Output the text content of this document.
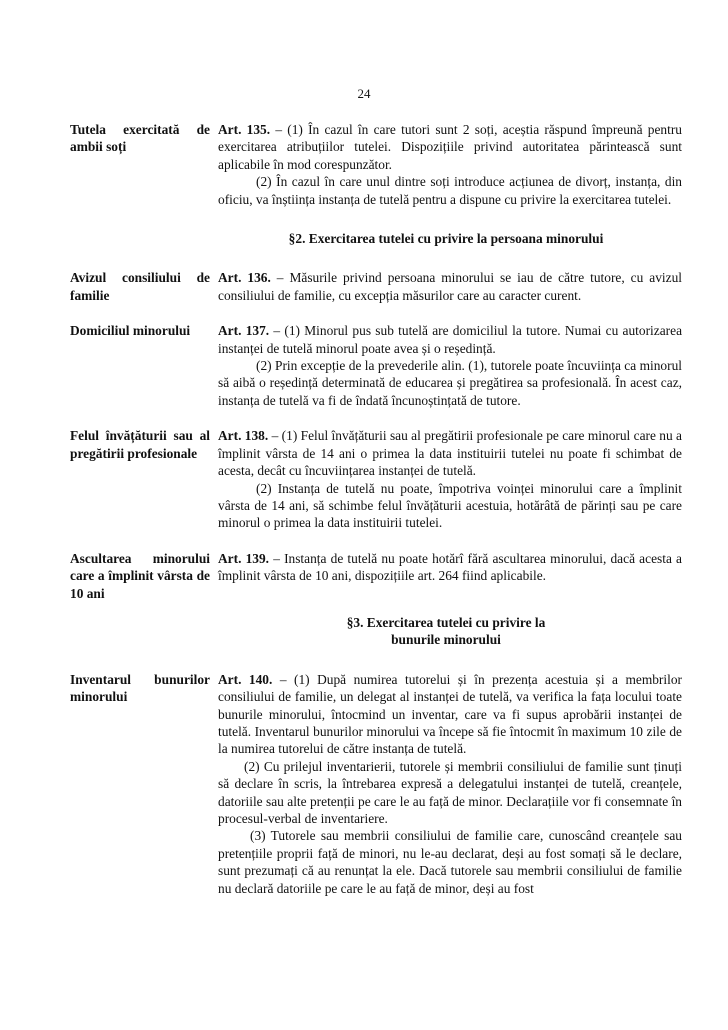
24
Tutela exercitată de ambii soți

Art. 135. – (1) În cazul în care tutori sunt 2 soți, aceștia răspund împreună pentru exercitarea atribuțiilor tutelei. Dispozițiile privind autoritatea părintească sunt aplicabile în mod corespunzător.

(2) În cazul în care unul dintre soți introduce acțiunea de divorț, instanța, din oficiu, va înștiința instanța de tutelă pentru a dispune cu privire la exercitarea tutelei.

§2. Exercitarea tutelei cu privire la persoana minorului
Avizul consiliului de familie

Art. 136. – Măsurile privind persoana minorului se iau de către tutore, cu avizul consiliului de familie, cu excepția măsurilor care au caracter curent.

Domiciliul minorului	Art. 137. – (1) Minorul pus sub tutelă are domiciliul la tutore. Numai cu autorizarea instanței de tutelă minorul poate avea și o reședință.

(2) Prin excepție de la prevederile alin. (1), tutorele poate încuviința ca minorul să aibă o reședință determinată de educarea și pregătirea sa profesională. În acest caz, instanța de tutelă va fi de îndată încunoștințată de tutore.

Felul învățăturii sau al pregătirii profesionale

Art. 138. – (1) Felul învățăturii sau al pregătirii profesionale pe care minorul care nu a împlinit vârsta de 14 ani o primea la data instituirii tutelei nu poate fi schimbat de acesta, decât cu încuviințarea instanței de tutelă.

(2) Instanța de tutelă nu poate, împotriva voinței minorului care a împlinit vârsta de 14 ani, să schimbe felul învățăturii acestuia, hotărâtă de părinți sau pe care minorul o primea la data instituirii tutelei.

Ascultarea minorului care a împlinit vârsta de 10 ani

Art. 139. – Instanța de tutelă nu poate hotărî fără ascultarea minorului, dacă acesta a împlinit vârsta de 10 ani, dispozițiile art. 264 fiind aplicabile.

§3. Exercitarea tutelei cu privire la
bunurile minorului
Inventarul bunurilor minorului

Art. 140. – (1) După numirea tutorelui și în prezența acestuia și a membrilor consiliului de familie, un delegat al instanței de tutelă, va verifica la fața locului toate bunurile minorului, întocmind un inventar, care va fi supus aprobării instanței de tutelă. Inventarul bunurilor minorului va începe să fie întocmit în maximum 10 zile de la numirea tutorelui de către instanța de tutelă.

(2) Cu prilejul inventarierii, tutorele și membrii consiliului de familie sunt ținuți să declare în scris, la întrebarea expresă a delegatului instanței de tutelă, creanțele, datoriile sau alte pretenții pe care le au față de minor. Declarațiile vor fi consemnate în procesul-verbal de inventariere.

(3) Tutorele sau membrii consiliului de familie care, cunoscând creanțele sau pretențiile proprii față de minori, nu le-au declarat, deși au fost somați să le declare, sunt prezumați că au renunțat la ele. Dacă tutorele sau membrii consiliului de familie nu declară datoriile pe care le au față de minor, deși au fost
